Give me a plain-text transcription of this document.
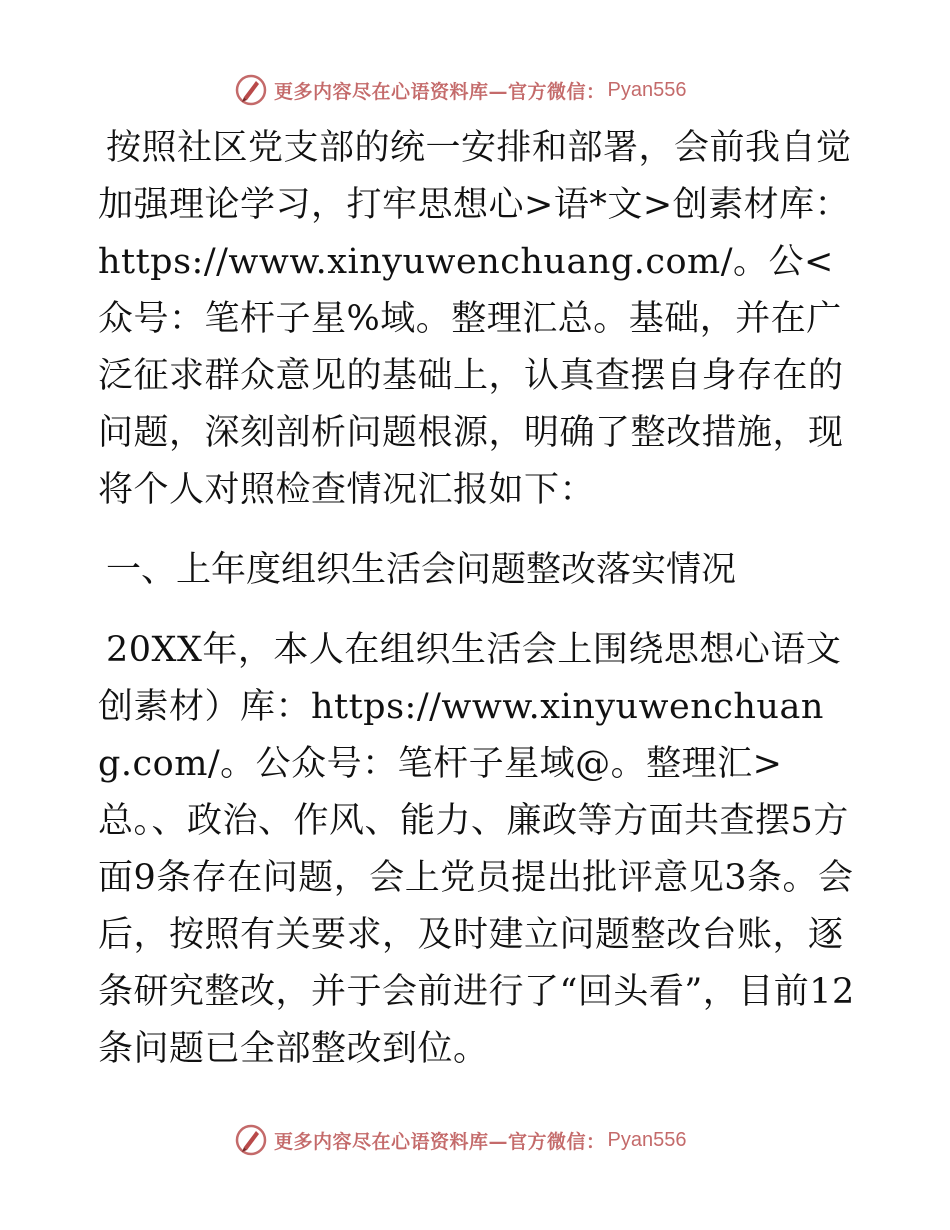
更多内容尽在心语资料库—官方微信： Pyan556

按照社区党支部的统一安排和部署，会前我自觉加强理论学习，打牢思想心>语*文>创素材库：https://www.xinyuwenchuang.com/。公<众号：笔杆子星%域。整理汇总。基础，并在广泛征求群众意见的基础上，认真查摆自身存在的问题，深刻剖析问题根源，明确了整改措施，现将个人对照检查情况汇报如下：

一、上年度组织生活会问题整改落实情况

20XX年，本人在组织生活会上围绕思想心语文创素材）库：https://www.xinyuwenchuang.com/。公众号：笔杆子星域@。整理汇>总。、政治、作风、能力、廉政等方面共查摆5方面9条存在问题，会上党员提出批评意见3条。会后，按照有关要求，及时建立问题整改台账，逐条研究整改，并于会前进行了“回头看”，目前12条问题已全部整改到位。

更多内容尽在心语资料库—官方微信： Pyan556
